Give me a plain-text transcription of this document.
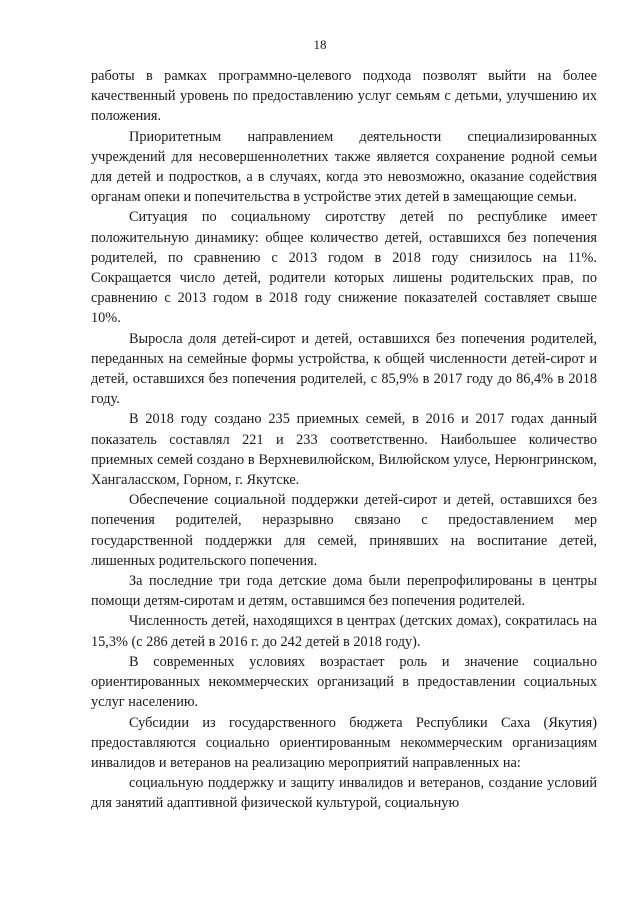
18

работы в рамках программно-целевого подхода позволят выйти на более качественный уровень по предоставлению услуг семьям с детьми, улучшению их положения.

Приоритетным направлением деятельности специализированных учреждений для несовершеннолетних также является сохранение родной семьи для детей и подростков, а в случаях, когда это невозможно, оказание содействия органам опеки и попечительства в устройстве этих детей в замещающие семьи.

Ситуация по социальному сиротству детей по республике имеет положительную динамику: общее количество детей, оставшихся без попечения родителей, по сравнению с 2013 годом в 2018 году снизилось на 11%. Сокращается число детей, родители которых лишены родительских прав, по сравнению с 2013 годом в 2018 году снижение показателей составляет свыше 10%.

Выросла доля детей-сирот и детей, оставшихся без попечения родителей, переданных на семейные формы устройства, к общей численности детей-сирот и детей, оставшихся без попечения родителей, с 85,9% в 2017 году до 86,4% в 2018 году.

В 2018 году создано 235 приемных семей, в 2016 и 2017 годах данный показатель составлял 221 и 233 соответственно. Наибольшее количество приемных семей создано в Верхневилюйском, Вилюйском улусе, Нерюнгринском, Хангаласском, Горном, г. Якутске.

Обеспечение социальной поддержки детей-сирот и детей, оставшихся без попечения родителей, неразрывно связано с предоставлением мер государственной поддержки для семей, принявших на воспитание детей, лишенных родительского попечения.

За последние три года детские дома были перепрофилированы в центры помощи детям-сиротам и детям, оставшимся без попечения родителей.

Численность детей, находящихся в центрах (детских домах), сократилась на 15,3% (с 286 детей в 2016 г. до 242 детей в 2018 году).

В современных условиях возрастает роль и значение социально ориентированных некоммерческих организаций в предоставлении социальных услуг населению.

Субсидии из государственного бюджета Республики Саха (Якутия) предоставляются социально ориентированным некоммерческим организациям инвалидов и ветеранов на реализацию мероприятий направленных на:

социальную поддержку и защиту инвалидов и ветеранов, создание условий для занятий адаптивной физической культурой, социальную
